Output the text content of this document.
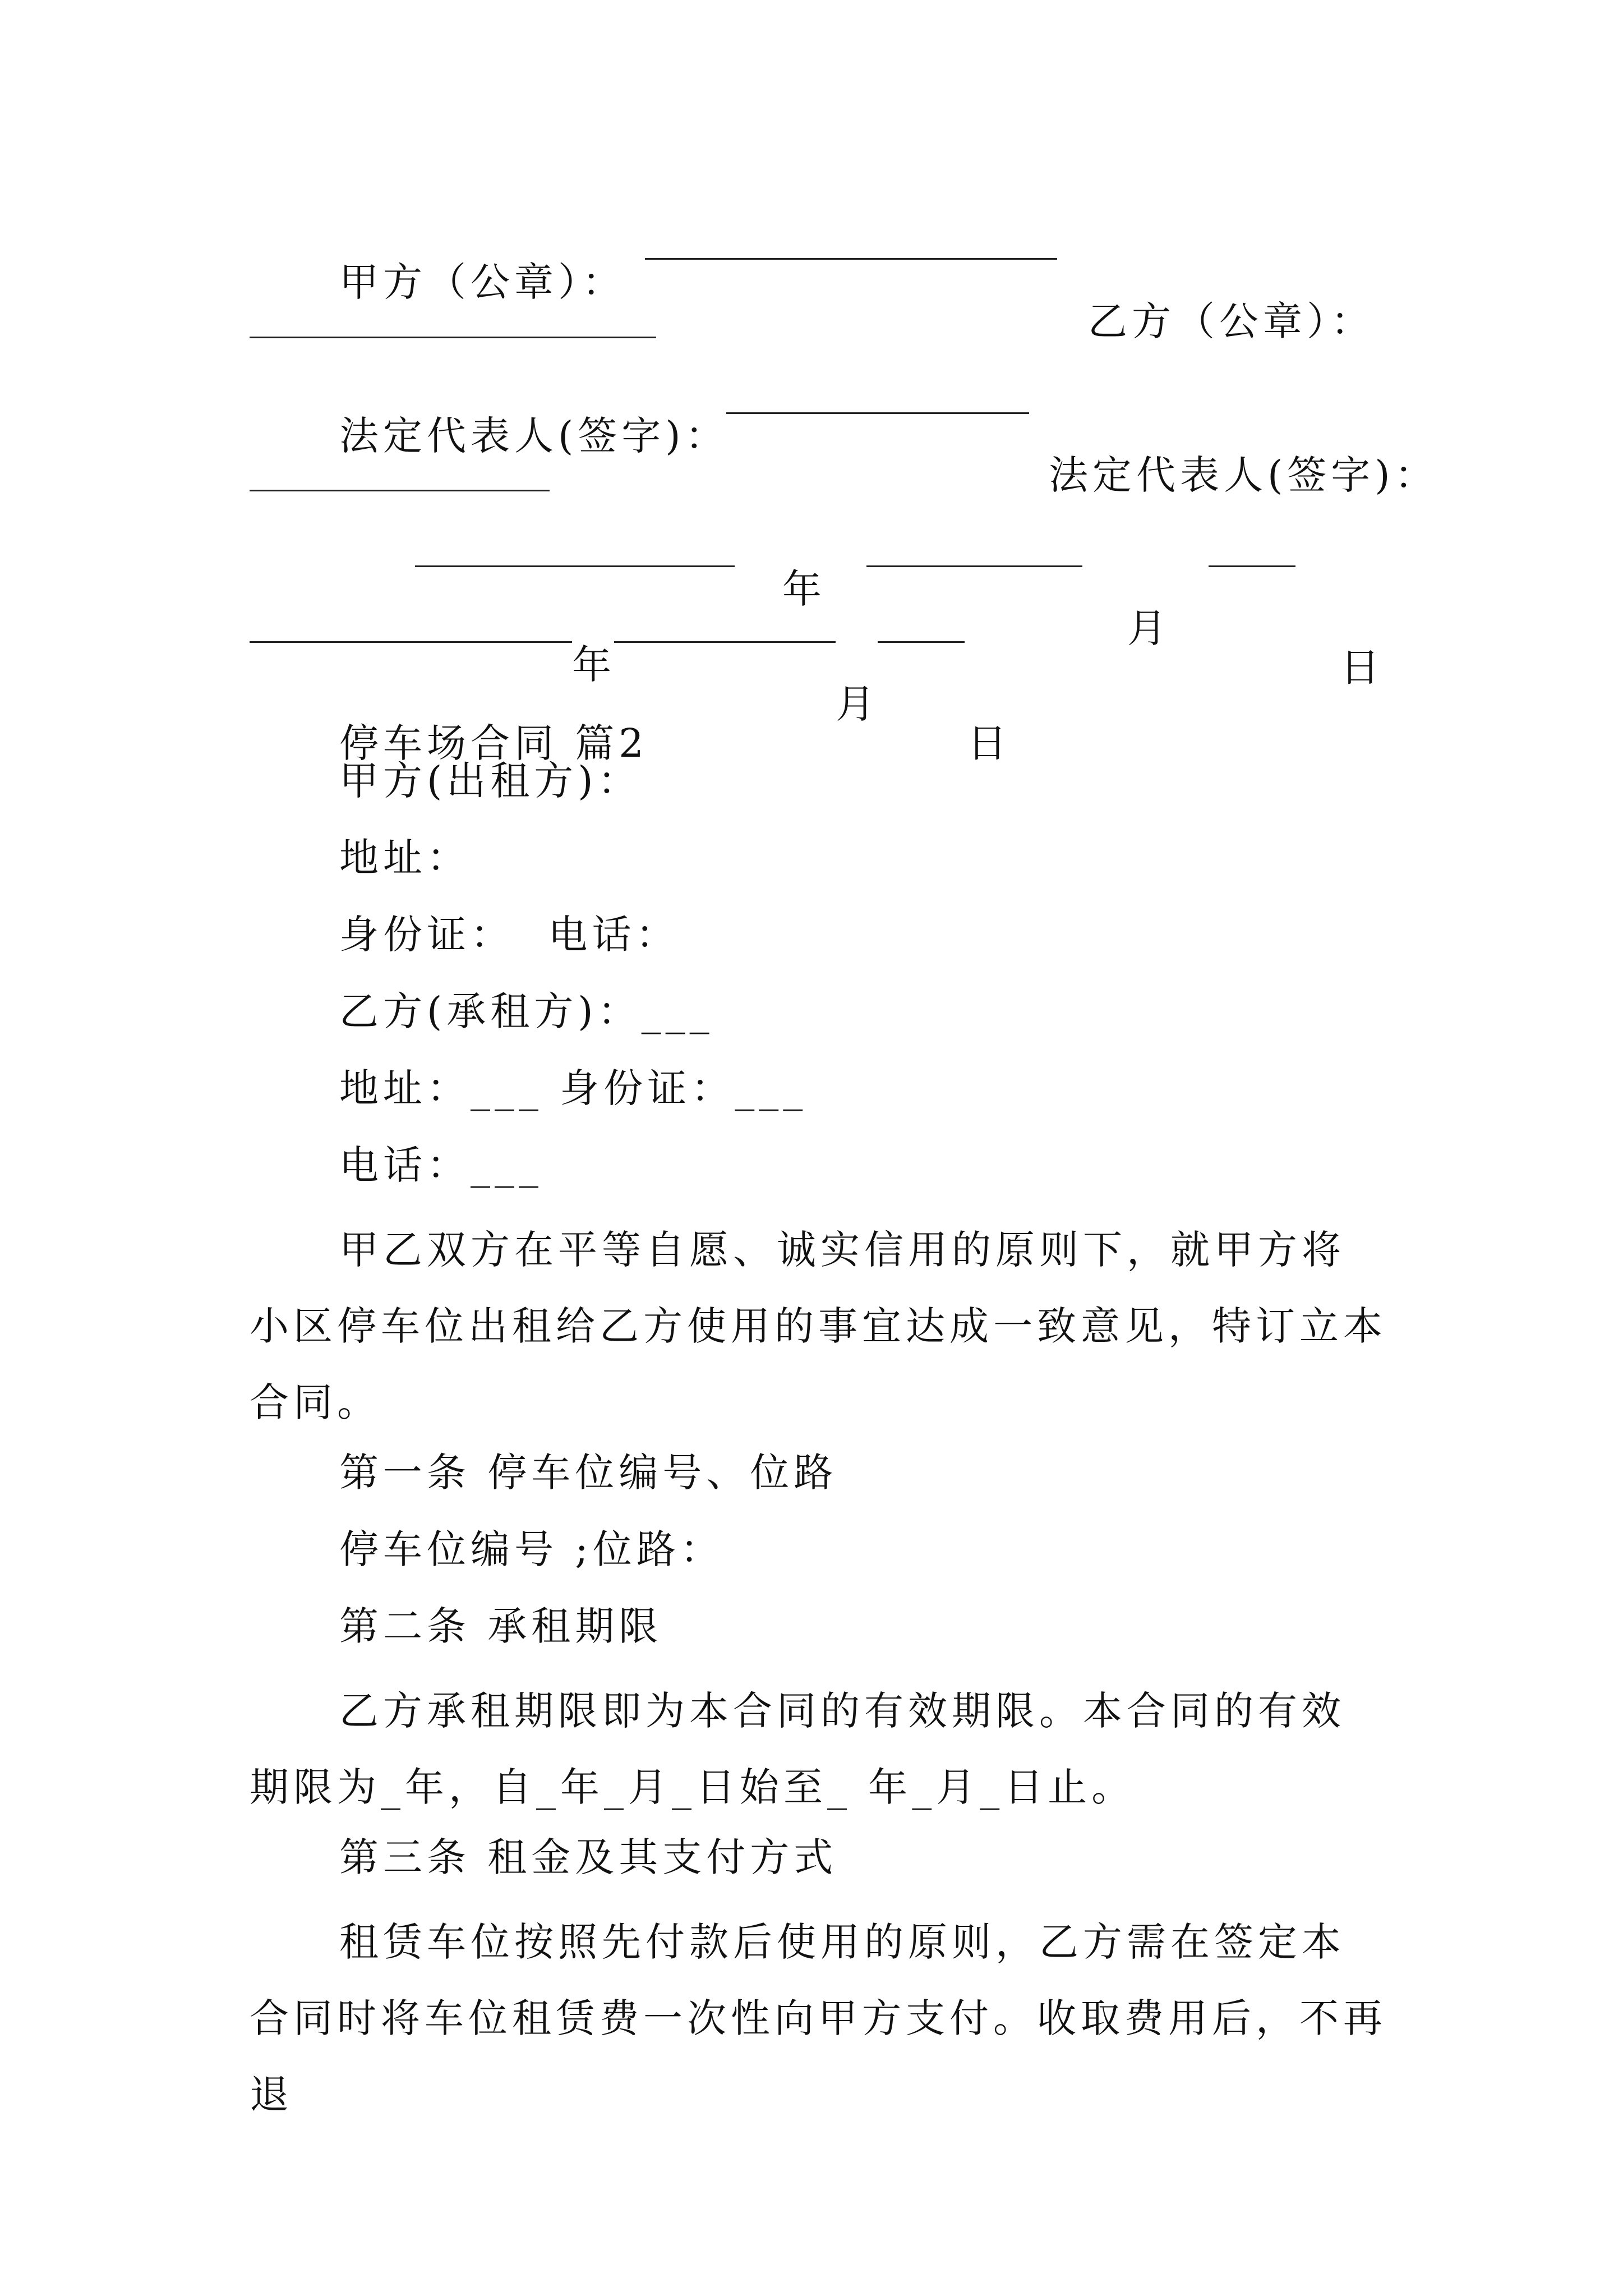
甲方（公章）：

乙方（公章）：

法定代表人(签字)：

法定代表人(签字)：

年

月

日

年

月

日

停车场合同 篇2

甲方(出租方)：
地址：
身份证：  电话：
乙方(承租方)：___
地址：___ 身份证：___
电话：___
甲乙双方在平等自愿、诚实信用的原则下，就甲方将小区停车位出租给乙方使用的事宜达成一致意见，特订立本合同。
第一条 停车位编号、位路
停车位编号 ;位路：
第二条 承租期限
乙方承租期限即为本合同的有效期限。本合同的有效期限为_年，自_年_月_日始至_ 年_月_日止。
第三条 租金及其支付方式
租赁车位按照先付款后使用的原则，乙方需在签定本合同时将车位租赁费一次性向甲方支付。收取费用后，不再退
